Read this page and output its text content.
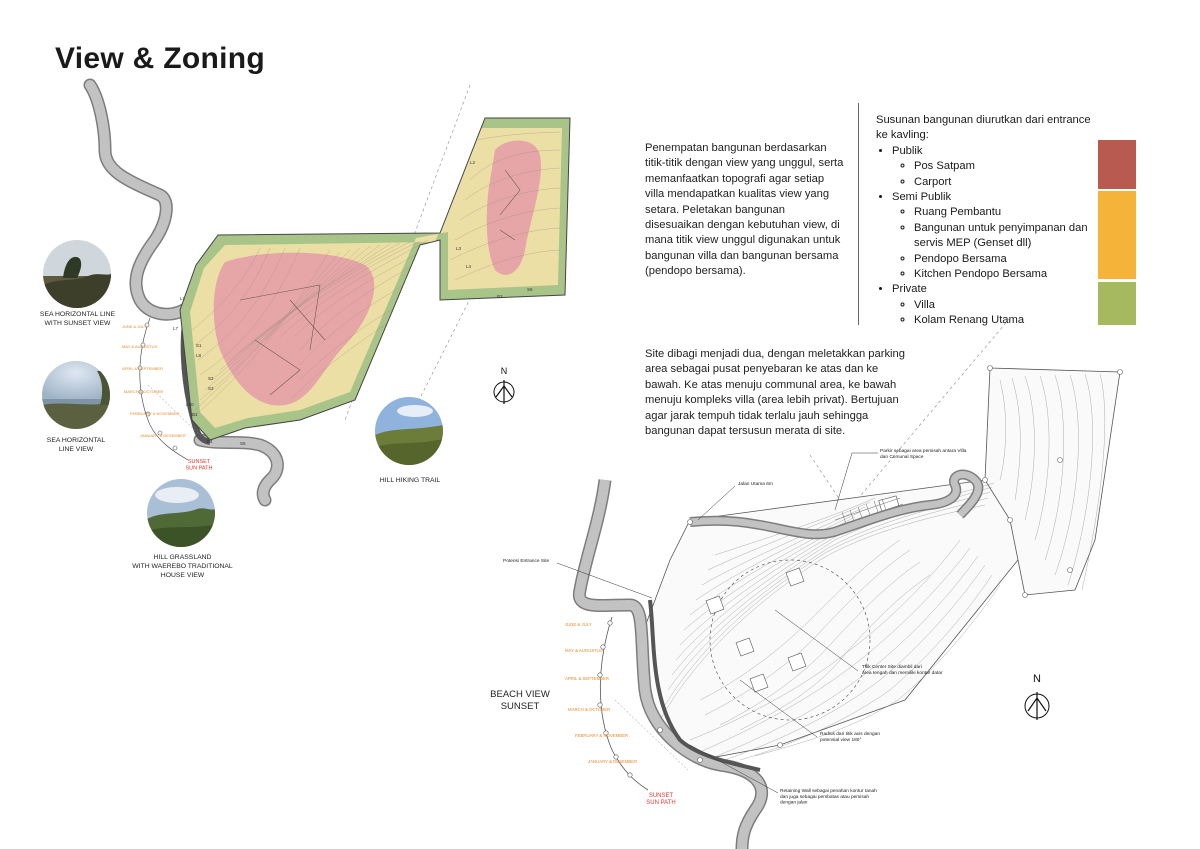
View & Zoning
Penempatan bangunan berdasarkan titik-titik dengan view yang unggul, serta memanfaatkan topografi agar setiap villa mendapatkan kualitas view yang setara. Peletakan bangunan disesuaikan dengan kebutuhan view, di mana titik view unggul digunakan untuk bangunan villa dan bangunan bersama (pendopo bersama).
Site dibagi menjadi dua, dengan meletakkan parking area sebagai pusat penyebaran ke atas dan ke bawah. Ke atas menuju communal area, ke bawah menuju kompleks villa (area lebih privat). Bertujuan agar jarak tempuh tidak terlalu jauh sehingga bangunan dapat tersusun merata di site.
Susunan bangunan diurutkan dari entrance ke kavling:
• Publik
◦ Pos Satpam
◦ Carport
• Semi Publik
◦ Ruang Pembantu
◦ Bangunan untuk penyimpanan dan servis MEP (Genset dll)
◦ Pendopo Bersama
◦ Kitchen Pendopo Bersama
• Private
◦ Villa
◦ Kolam Renang Utama
L1
L7
S1
L8
S2
S3
L10
B1
B4	S5
L2
L3
L4
B2
S6
JUNE & JULY
MAY & AUGUSTUS
APRIL & SEPTEMBER
MARCH & OCTOBER
FEBRUARY & NOVEMBER
JANUARY & DESEMBER
SUNSET SUN PATH
N
Parkir sebagai area pemisah antara Villa dan Comunal Space
Jalan Utama 6m
Potensi Entrance Site
Titik Center Site diambil dari area tengah dan memiliki kontur datar
Radius dari titik axis dengan potensial view 180°
Retaining Wall sebagai penahan kontur tanah dan juga sebagai pembatas atau pemisah dengan jalan
JUNE & JULY
MAY & AUGUSTUS
APRIL & SEPTEMBER
MARCH & OCTOBER
FEBRUARY & NOVEMBER
JANUARY & DESEMBER
SUNSET SUN PATH
N
SEA HORIZONTAL LINE
WITH SUNSET VIEW
SEA HORIZONTAL
LINE VIEW
HILL GRASSLAND
WITH WAEREBO TRADITIONAL
HOUSE VIEW
HILL HIKING TRAIL
BEACH VIEW
SUNSET
